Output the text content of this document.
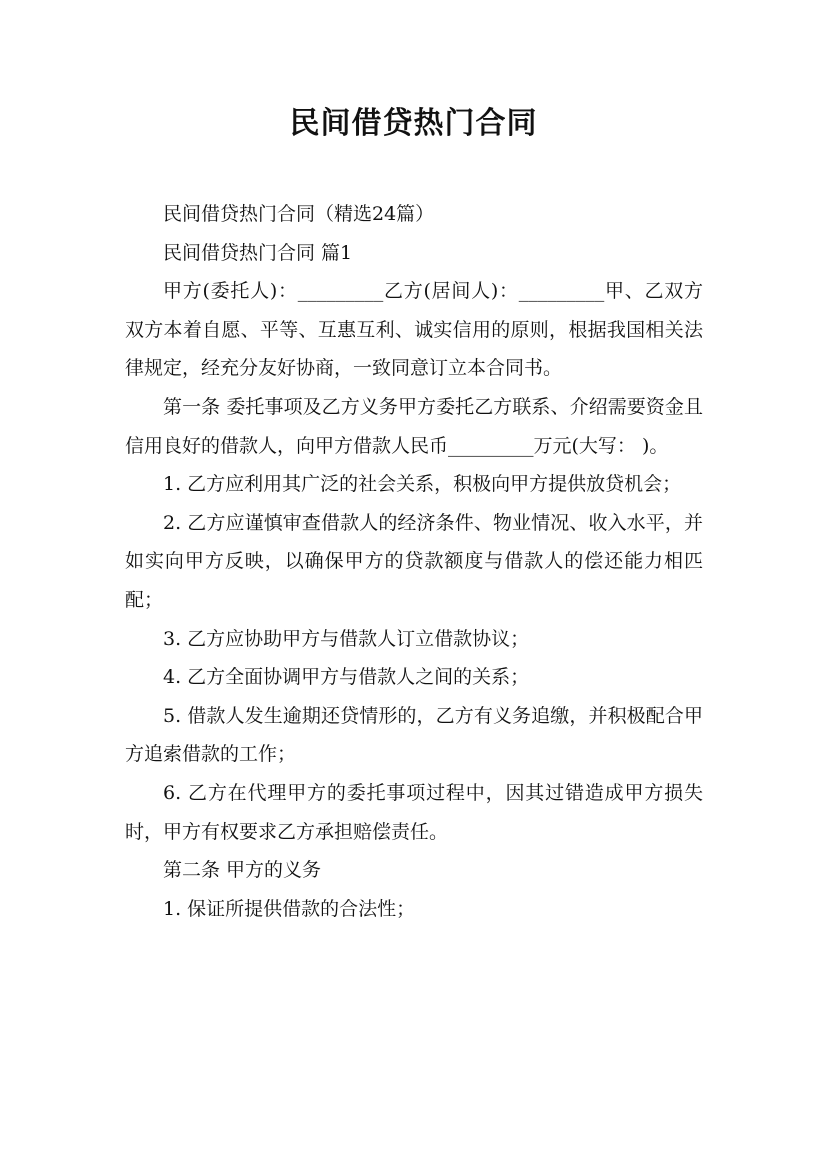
民间借贷热门合同

民间借贷热门合同（精选24篇）

民间借贷热门合同 篇1

甲方(委托人)：_________乙方(居间人)：_________甲、乙双方双方本着自愿、平等、互惠互利、诚实信用的原则，根据我国相关法律规定，经充分友好协商，一致同意订立本合同书。

第一条 委托事项及乙方义务甲方委托乙方联系、介绍需要资金且信用良好的借款人，向甲方借款人民币_________万元(大写： )。

1. 乙方应利用其广泛的社会关系，积极向甲方提供放贷机会；

2. 乙方应谨慎审查借款人的经济条件、物业情况、收入水平，并如实向甲方反映，以确保甲方的贷款额度与借款人的偿还能力相匹配；

3. 乙方应协助甲方与借款人订立借款协议；

4. 乙方全面协调甲方与借款人之间的关系；

5. 借款人发生逾期还贷情形的，乙方有义务追缴，并积极配合甲方追索借款的工作；

6. 乙方在代理甲方的委托事项过程中，因其过错造成甲方损失时，甲方有权要求乙方承担赔偿责任。

第二条 甲方的义务

1. 保证所提供借款的合法性；
